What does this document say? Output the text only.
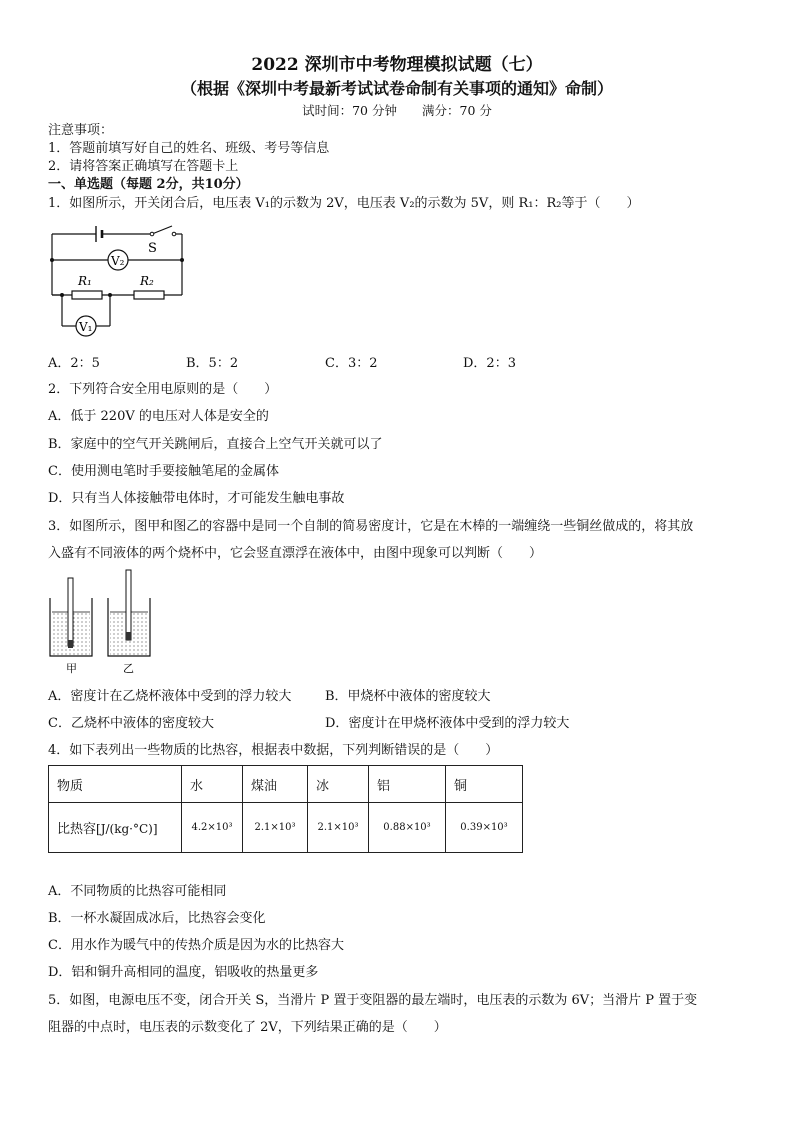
2022 深圳市中考物理模拟试题（七）
（根据《深圳中考最新考试试卷命制有关事项的通知》命制）
试时间：70 分钟　　满分：70 分
注意事项：
1．答题前填写好自己的姓名、班级、考号等信息
2．请将答案正确填写在答题卡上
一、单选题（每题 2分，共10分）
1．如图所示，开关闭合后，电压表 V₁的示数为 2V，电压表 V₂的示数为 5V，则 R₁：R₂等于（　　）
S
V₂
R₁	R₂
V₁
A．2：5	B．5：2	C．3：2	D．2：3
2．下列符合安全用电原则的是（　　）
A．低于 220V 的电压对人体是安全的
B．家庭中的空气开关跳闸后，直接合上空气开关就可以了
C．使用测电笔时手要接触笔尾的金属体
D．只有当人体接触带电体时，才可能发生触电事故
3．如图所示，图甲和图乙的容器中是同一个自制的简易密度计，它是在木棒的一端缠绕一些铜丝做成的，将其放
入盛有不同液体的两个烧杯中，它会竖直漂浮在液体中，由图中现象可以判断（　　）
甲	乙
A．密度计在乙烧杯液体中受到的浮力较大	B．甲烧杯中液体的密度较大
C．乙烧杯中液体的密度较大	D．密度计在甲烧杯液体中受到的浮力较大
4．如下表列出一些物质的比热容，根据表中数据，下列判断错误的是（　　）
物质	水	煤油	冰	铝	铜
比热容[J/(kg·°C)]	4.2×10³	2.1×10³	2.1×10³	0.88×10³	0.39×10³
A．不同物质的比热容可能相同
B．一杯水凝固成冰后，比热容会变化
C．用水作为暖气中的传热介质是因为水的比热容大
D．铝和铜升高相同的温度，铝吸收的热量更多
5．如图，电源电压不变，闭合开关 S，当滑片 P 置于变阻器的最左端时，电压表的示数为 6V；当滑片 P 置于变
阻器的中点时，电压表的示数变化了 2V，下列结果正确的是（　　）
